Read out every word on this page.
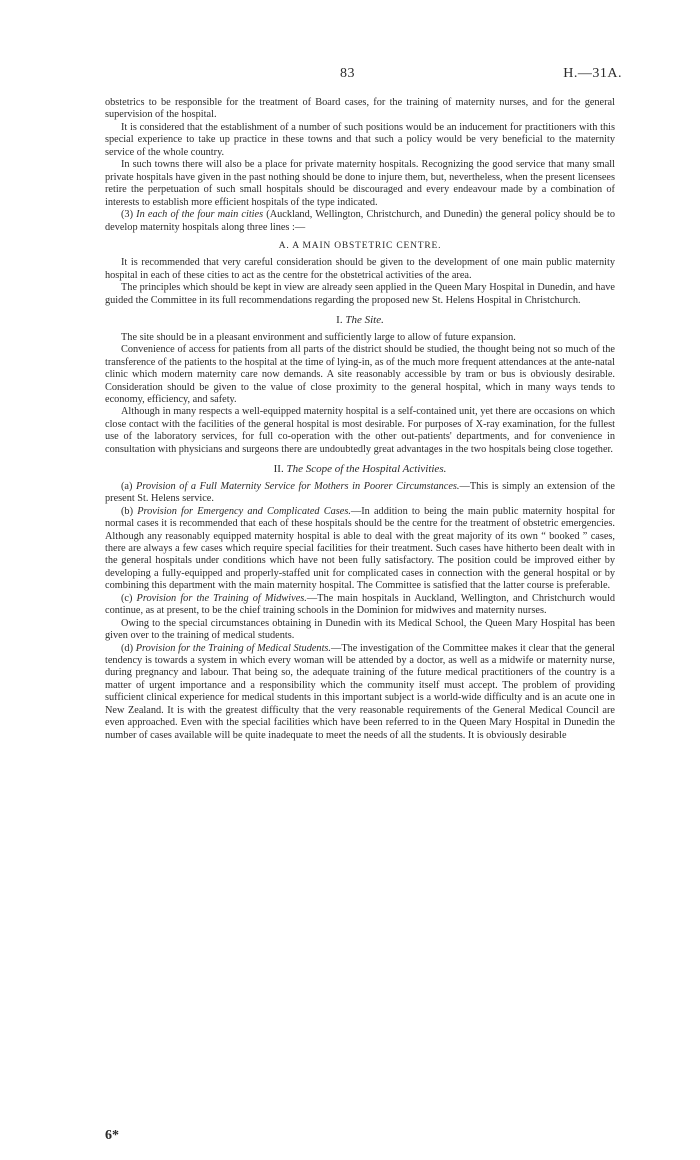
83	H.—31A.

obstetrics to be responsible for the treatment of Board cases, for the training of maternity nurses, and for the general supervision of the hospital.

It is considered that the establishment of a number of such positions would be an inducement for practitioners with this special experience to take up practice in these towns and that such a policy would be very beneficial to the maternity service of the whole country.

In such towns there will also be a place for private maternity hospitals. Recognizing the good service that many small private hospitals have given in the past nothing should be done to injure them, but, nevertheless, when the present licensees retire the perpetuation of such small hospitals should be discouraged and every endeavour made by a combination of interests to establish more efficient hospitals of the type indicated.

(3) In each of the four main cities (Auckland, Wellington, Christchurch, and Dunedin) the general policy should be to develop maternity hospitals along three lines :—

A. A MAIN OBSTETRIC CENTRE.

It is recommended that very careful consideration should be given to the development of one main public maternity hospital in each of these cities to act as the centre for the obstetrical activities of the area.

The principles which should be kept in view are already seen applied in the Queen Mary Hospital in Dunedin, and have guided the Committee in its full recommendations regarding the proposed new St. Helens Hospital in Christchurch.

I. The Site.

The site should be in a pleasant environment and sufficiently large to allow of future expansion.

Convenience of access for patients from all parts of the district should be studied, the thought being not so much of the transference of the patients to the hospital at the time of lying-in, as of the much more frequent attendances at the ante-natal clinic which modern maternity care now demands. A site reasonably accessible by tram or bus is obviously desirable. Consideration should be given to the value of close proximity to the general hospital, which in many ways tends to economy, efficiency, and safety.

Although in many respects a well-equipped maternity hospital is a self-contained unit, yet there are occasions on which close contact with the facilities of the general hospital is most desirable. For purposes of X-ray examination, for the fullest use of the laboratory services, for full co-operation with the other out-patients' departments, and for convenience in consultation with physicians and surgeons there are undoubtedly great advantages in the two hospitals being close together.

II. The Scope of the Hospital Activities.

(a) Provision of a Full Maternity Service for Mothers in Poorer Circumstances.—This is simply an extension of the present St. Helens service.

(b) Provision for Emergency and Complicated Cases.—In addition to being the main public maternity hospital for normal cases it is recommended that each of these hospitals should be the centre for the treatment of obstetric emergencies. Although any reasonably equipped maternity hospital is able to deal with the great majority of its own “ booked ” cases, there are always a few cases which require special facilities for their treatment. Such cases have hitherto been dealt with in the general hospitals under conditions which have not been fully satisfactory. The position could be improved either by developing a fully-equipped and properly-staffed unit for complicated cases in connection with the general hospital or by combining this department with the main maternity hospital. The Committee is satisfied that the latter course is preferable.

(c) Provision for the Training of Midwives.—The main hospitals in Auckland, Wellington, and Christchurch would continue, as at present, to be the chief training schools in the Dominion for midwives and maternity nurses.

Owing to the special circumstances obtaining in Dunedin with its Medical School, the Queen Mary Hospital has been given over to the training of medical students.

(d) Provision for the Training of Medical Students.—The investigation of the Committee makes it clear that the general tendency is towards a system in which every woman will be attended by a doctor, as well as a midwife or maternity nurse, during pregnancy and labour. That being so, the adequate training of the future medical practitioners of the country is a matter of urgent importance and a responsibility which the community itself must accept. The problem of providing sufficient clinical experience for medical students in this important subject is a world-wide difficulty and is an acute one in New Zealand. It is with the greatest difficulty that the very reasonable requirements of the General Medical Council are even approached. Even with the special facilities which have been referred to in the Queen Mary Hospital in Dunedin the number of cases available will be quite inadequate to meet the needs of all the students. It is obviously desirable

6*
